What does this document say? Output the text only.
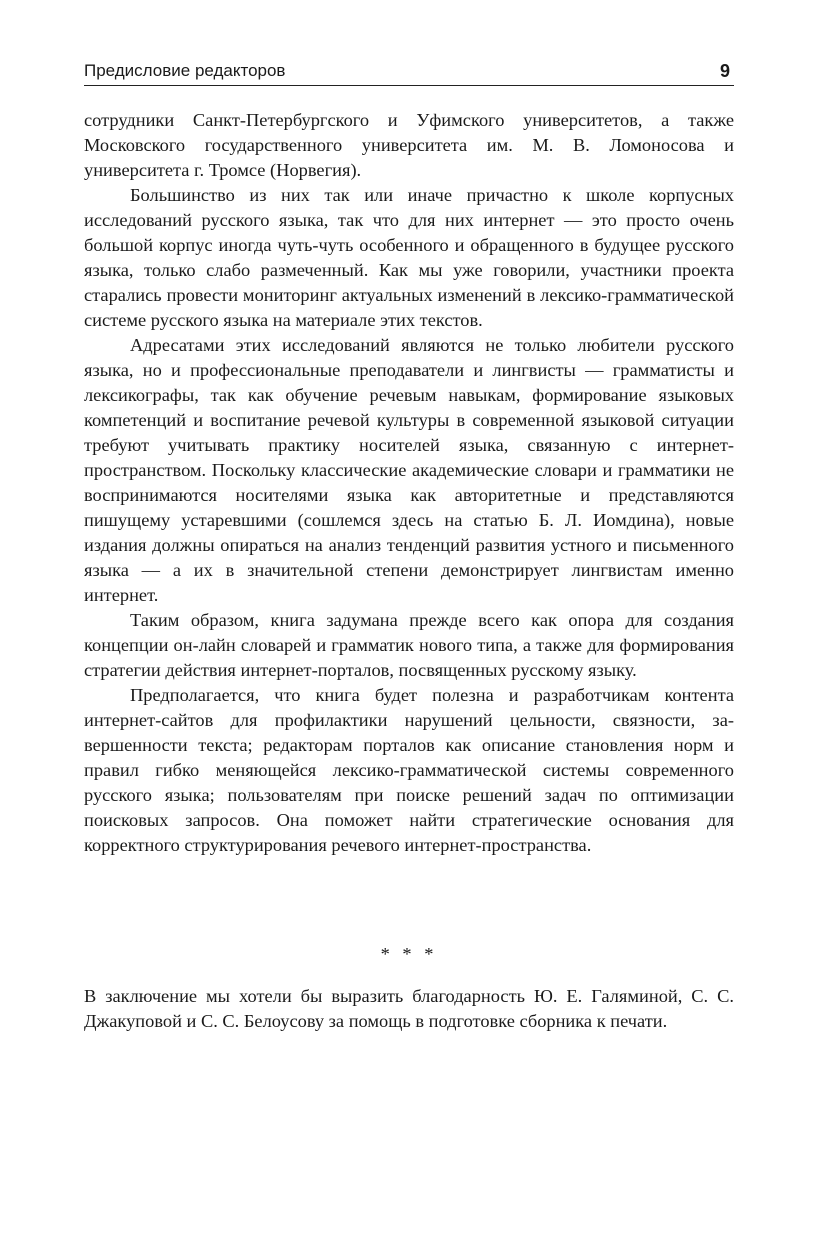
Предисловие редакторов	9

сотрудники Санкт-Петербургского и Уфимского университетов, а также Московского государственного университета им. М. В. Ломоносова и университета г. Тромсе (Норвегия).

Большинство из них так или иначе причастно к школе корпусных исследований русского языка, так что для них интернет — это просто очень большой корпус иногда чуть-чуть особенного и обращенного в будущее русского языка, только слабо размеченный. Как мы уже говорили, участники проекта старались провести мониторинг актуальных изменений в лексико-грамматической системе русского языка на материале этих текстов.

Адресатами этих исследований являются не только любители русского языка, но и профессиональные преподаватели и лингвисты — грамматисты и лексикографы, так как обучение речевым навыкам, формирование языковых компетенций и воспитание речевой культуры в современной языковой ситуации требуют учитывать практику носителей языка, связанную с интернет-пространством. Поскольку классические академические словари и грамматики не воспринимаются носителями языка как авторитетные и представляются пишущему устаревшими (сошлемся здесь на статью Б. Л. Иомдина), новые издания должны опираться на анализ тенденций развития устного и письменного языка — а их в значительной степени демонстрирует лингвистам именно интернет.

Таким образом, книга задумана прежде всего как опора для создания концепции он-лайн словарей и грамматик нового типа, а также для формирования стратегии действия интернет-порталов, посвященных русскому языку.

Предполагается, что книга будет полезна и разработчикам контента интернет-сайтов для профилактики нарушений цельности, связности, завершенности текста; редакторам порталов как описание становления норм и правил гибко меняющейся лексико-грамматической системы современного русского языка; пользователям при поиске решений задач по оптимизации поисковых запросов. Она поможет найти стратегические основания для корректного структурирования речевого интернет-пространства.

* * *

В заключение мы хотели бы выразить благодарность Ю. Е. Галяминой, С. С. Джакуповой и С. С. Белоусову за помощь в подготовке сборника к печати.
